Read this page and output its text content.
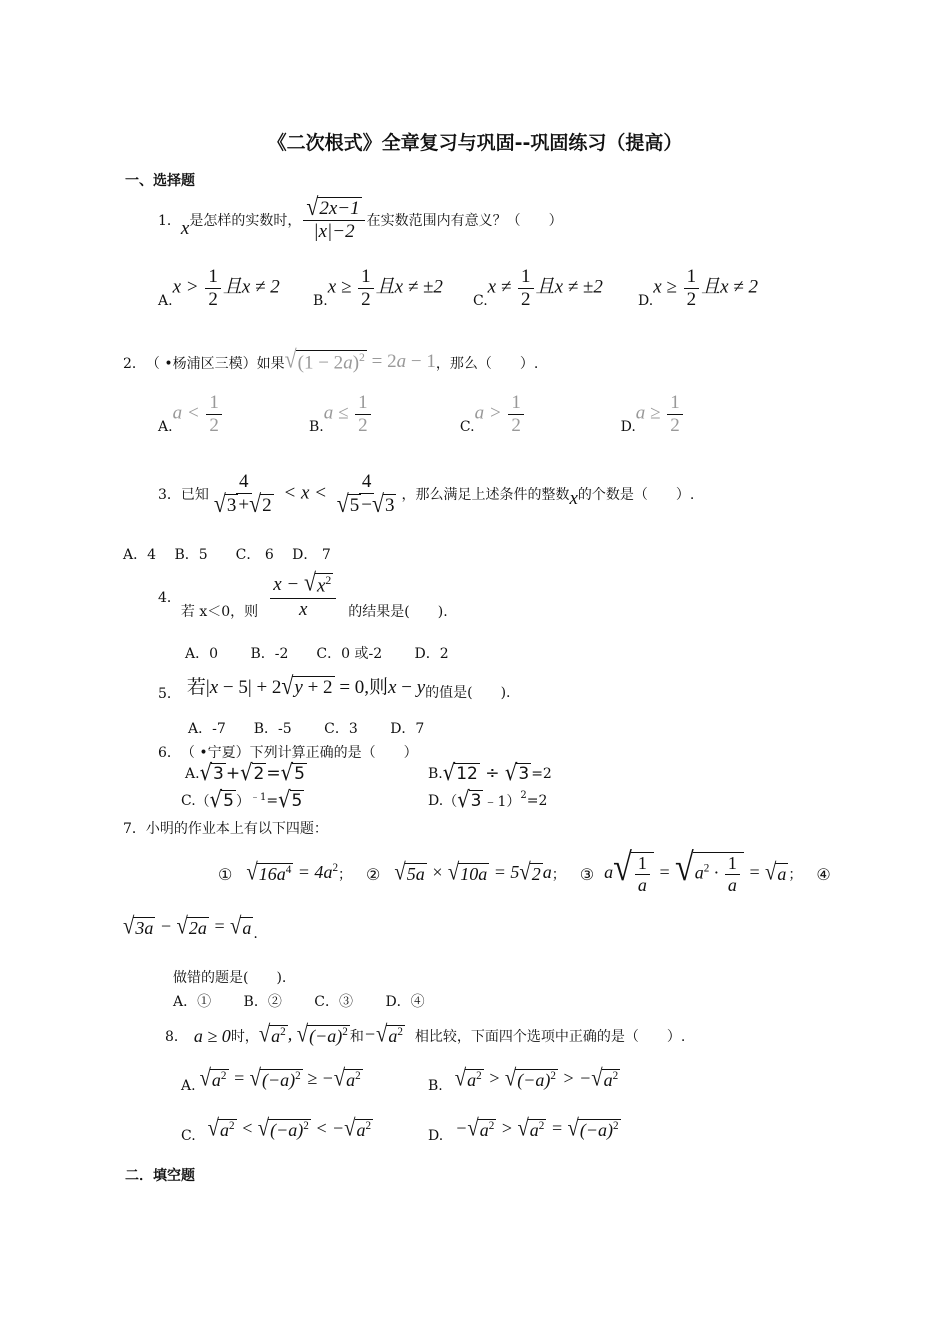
《二次根式》全章复习与巩固--巩固练习（提高）
一、选择题
1． x 是怎样的实数时， $\frac{√ 2x-1}{|x|-2}$ 在实数范围内有意义？（　　）
A.
$x > \frac{1}{2}$ 且x ≠ 2
B.
$x \ge \frac{1}{2}$ 且x ≠ ±2
C.
$x \ne \frac{1}{2}$ 且x ≠ ±2
D.
$x \ge \frac{1}{2}$ 且x ≠ 2
2． （ •杨浦区三模）如果 √ $(1 - 2a)^2 = 2a - 1$ ，那么（　　）.
A.
$a < \frac{1}{2}$	B.
$a \le \frac{1}{2}$	C.
$a > \frac{1}{2}$	D.
$a \ge \frac{1}{2}$
3． 已知 $\frac{4}{√ 3 + √ 2} < x < \frac{4}{√ 5 - √ 3}$ ，那么满足上述条件的整数 x 的个数是（　　）.
A．4　 B．5　　C． 6　 D． 7
4．
若 x＜0，则 $\frac{x - √ x^2}{x}$ 的结果是(　　).
A．0　　 B．-2　　C．0 或-2　　 D．2
5． 若|x − 5| + 2 √ y + 2 = 0,则x − y 的值是(　　).
A．-7　　B．-5　　 C．3　　 D．7
6． （ •宁夏）下列计算正确的是（　　）
A. √ 3 + √ 2 = √ 5	B. √ 12 ÷ √ 3 =2
C. （ √ 5 ） ﹣1 = √ 5	D. （ √ 3 ﹣1） 2 =2
7． 小明的作业本上有以下四题：
① √ $16a^4 = 4a^2$ ； ② √ 5a × √ 10a = 5 √ 2 a ； ③ a √ $\frac{1}{a}$ = √ $a^2 \cdot \frac{1}{a}$ = √ a ； ④
√ 3a − √ 2a = √ a .
做错的题是(　　).
A．①　　 B．②　　 C．③　　 D．④
8． a ≥ 0 时， √ $a^2$ , √ $(-a)^2$ 和 − √ $a^2$ 相比较，下面四个选项中正确的是（　　）.
A. √ $a^2$ = √ $(-a)^2$ ≥ − √ $a^2$
B. √ $a^2$ > √ $(-a)^2$ > − √ $a^2$
C. √ $a^2$ < √ $(-a)^2$ < − √ $a^2$
D. − √ $a^2$ > √ $a^2$ = √ $(-a)^2$
二．填空题
